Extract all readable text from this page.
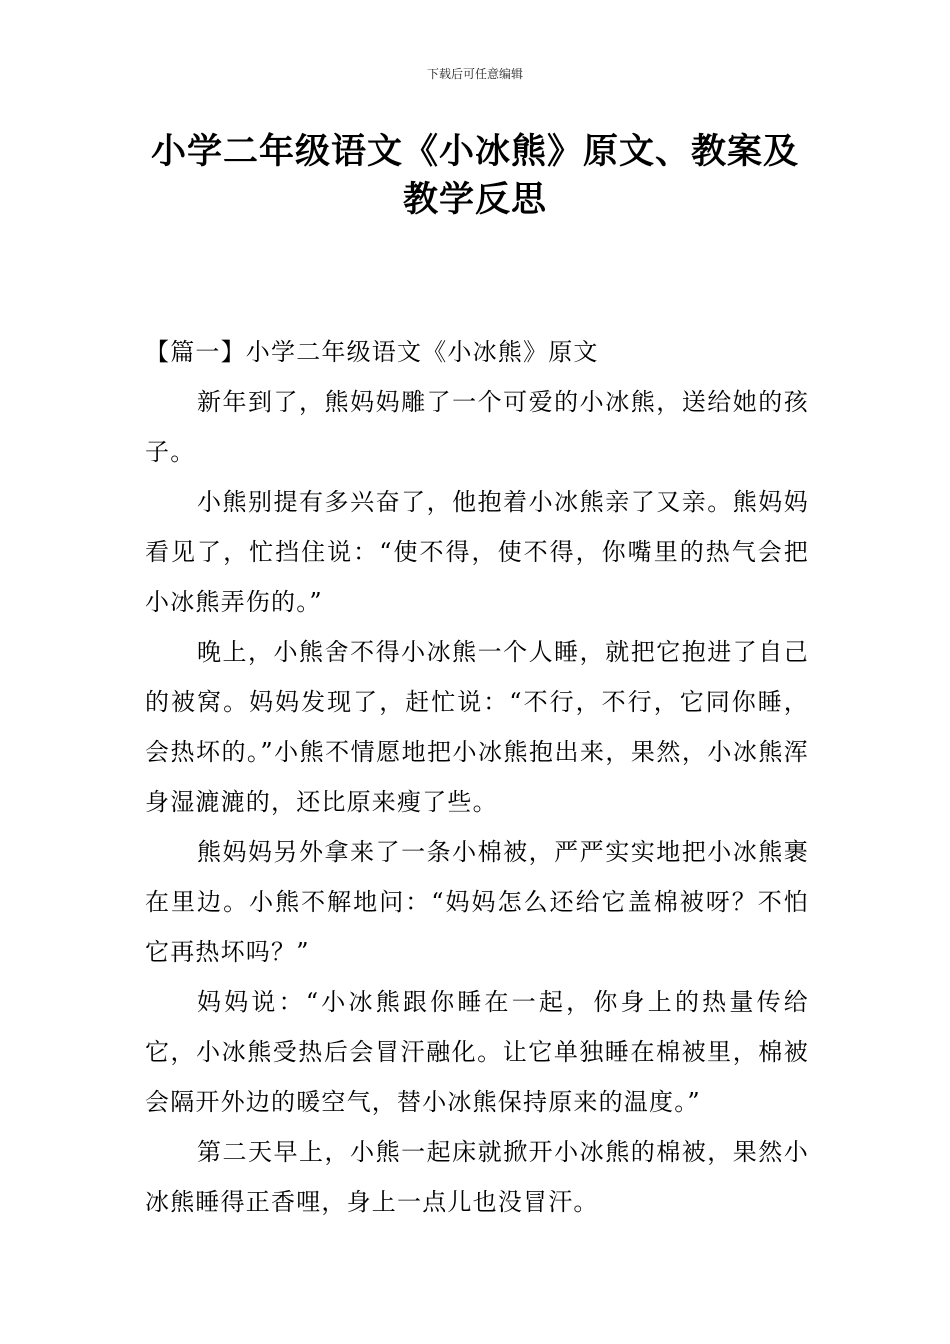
下载后可任意编辑
小学二年级语文《小冰熊》原文、教案及
教学反思

【篇一】小学二年级语文《小冰熊》原文

新年到了，熊妈妈雕了一个可爱的小冰熊，送给她的孩子。

小熊别提有多兴奋了，他抱着小冰熊亲了又亲。熊妈妈看见了，忙挡住说：“使不得，使不得，你嘴里的热气会把小冰熊弄伤的。”

晚上，小熊舍不得小冰熊一个人睡，就把它抱进了自己的被窝。妈妈发现了，赶忙说：“不行，不行，它同你睡，会热坏的。”小熊不情愿地把小冰熊抱出来，果然，小冰熊浑身湿漉漉的，还比原来瘦了些。

熊妈妈另外拿来了一条小棉被，严严实实地把小冰熊裹在里边。小熊不解地问：“妈妈怎么还给它盖棉被呀？不怕它再热坏吗？”

妈妈说：“小冰熊跟你睡在一起，你身上的热量传给它，小冰熊受热后会冒汗融化。让它单独睡在棉被里，棉被会隔开外边的暖空气，替小冰熊保持原来的温度。”

第二天早上，小熊一起床就掀开小冰熊的棉被，果然小冰熊睡得正香哩，身上一点儿也没冒汗。
